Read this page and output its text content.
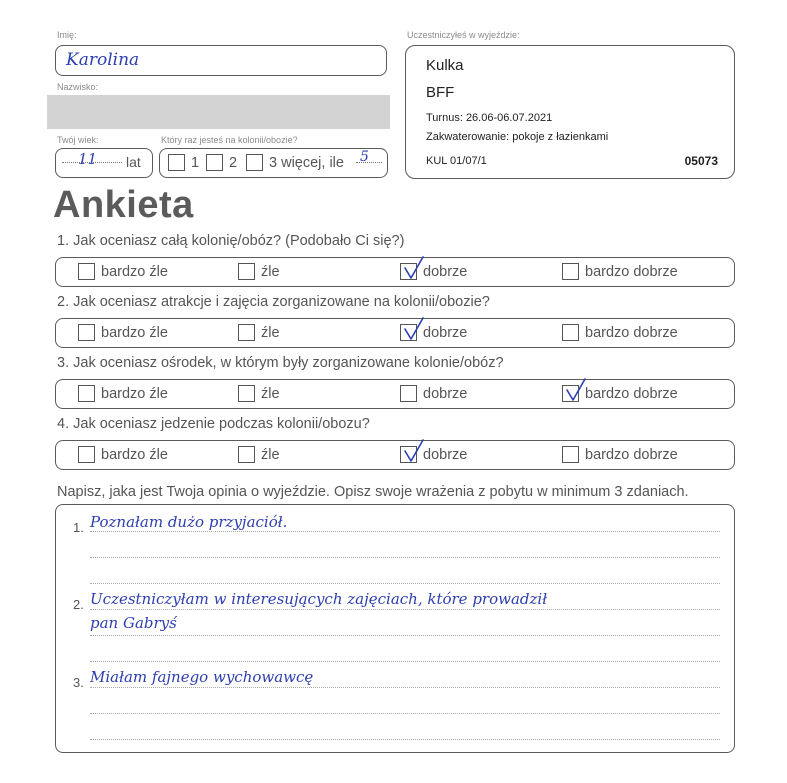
Imię:
Karolina
Nazwisko:
Twój wiek:
11 lat
Który raz jesteś na kolonii/obozie?
1 2 3 więcej, ile 5
Uczestniczyłeś w wyjeździe:
Kulka
BFF
Turnus: 26.06-06.07.2021
Zakwaterowanie: pokoje z łazienkami
KUL 01/07/1	05073
Ankieta
1. Jak oceniasz całą kolonię/obóz? (Podobało Ci się?)
bardzo źle	źle	dobrze	bardzo dobrze
2. Jak oceniasz atrakcje i zajęcia zorganizowane na kolonii/obozie?
bardzo źle	źle	dobrze	bardzo dobrze
3. Jak oceniasz ośrodek, w którym były zorganizowane kolonie/obóz?
bardzo źle	źle	dobrze	bardzo dobrze
4. Jak oceniasz jedzenie podczas kolonii/obozu?
bardzo źle	źle	dobrze	bardzo dobrze
Napisz, jaka jest Twoja opinia o wyjeździe. Opisz swoje wrażenia z pobytu w minimum 3 zdaniach.
1. Poznałam dużo przyjaciół.
2. Uczestniczyłam w interesujących zajęciach, które prowadził
pan Gabryś
3. Miałam fajnego wychowawcę
